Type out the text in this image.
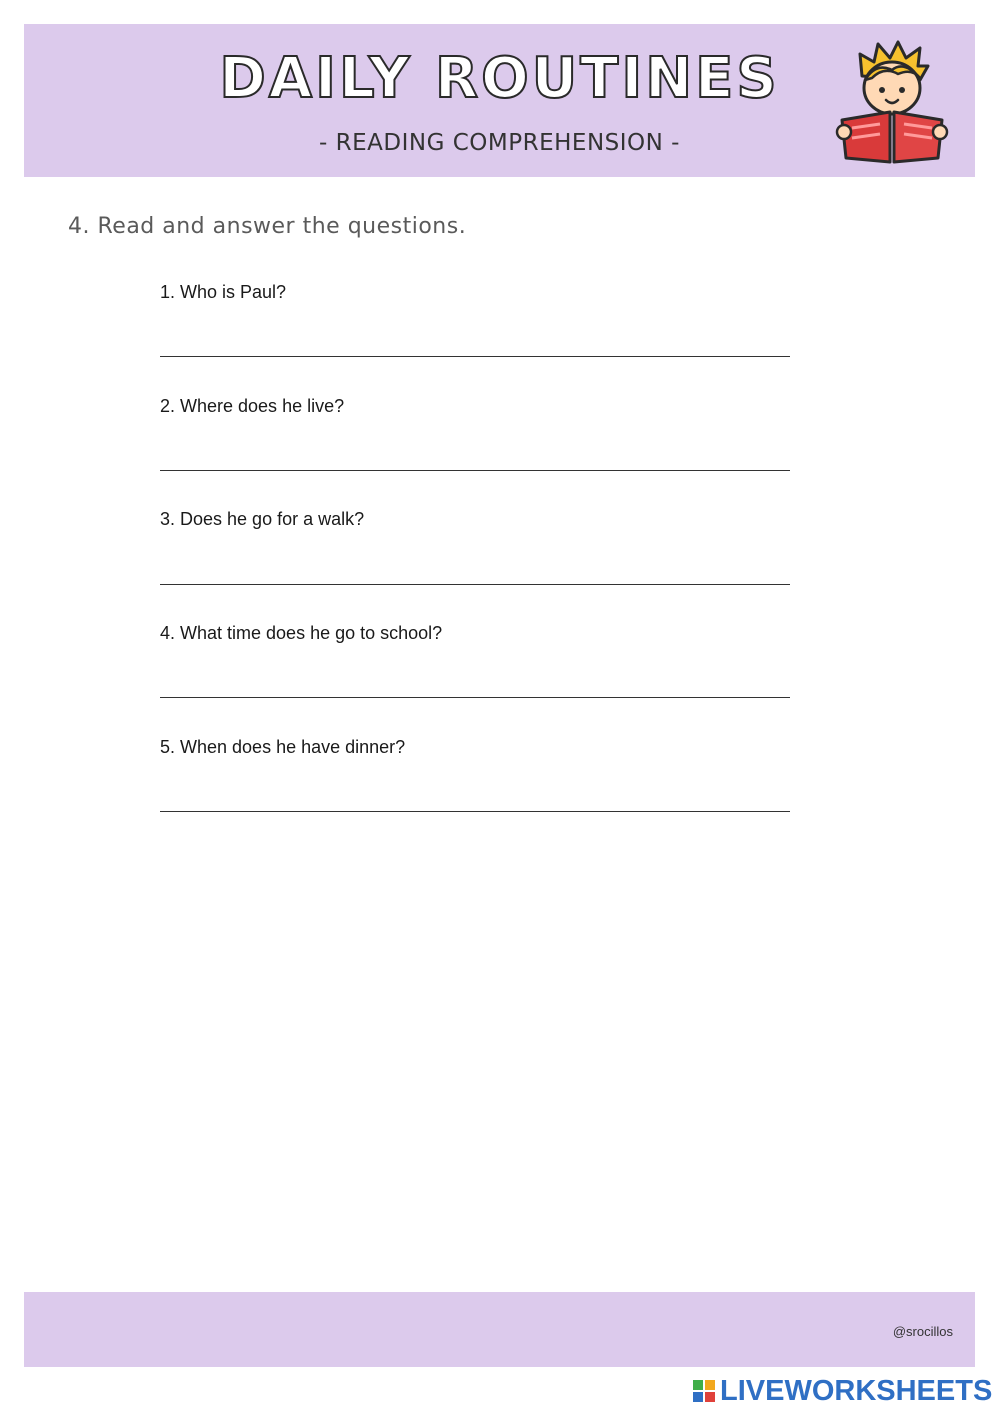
DAILY ROUTINES
- READING COMPREHENSION -
4. Read and answer the questions.
1. Who is Paul?
2. Where does he live?
3. Does he go for a walk?
4. What time does he go to school?
5. When does he have dinner?
@srocillos
LIVEWORKSHEETS
